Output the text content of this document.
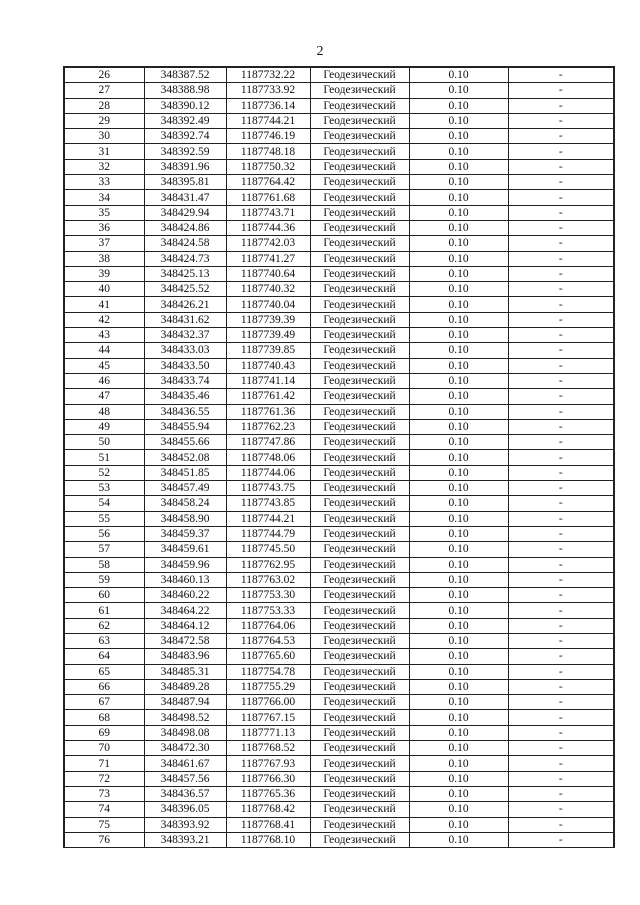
2
26	348387.52	1187732.22	Геодезический	0.10	-
27	348388.98	1187733.92	Геодезический	0.10	-
28	348390.12	1187736.14	Геодезический	0.10	-
29	348392.49	1187744.21	Геодезический	0.10	-
30	348392.74	1187746.19	Геодезический	0.10	-
31	348392.59	1187748.18	Геодезический	0.10	-
32	348391.96	1187750.32	Геодезический	0.10	-
33	348395.81	1187764.42	Геодезический	0.10	-
34	348431.47	1187761.68	Геодезический	0.10	-
35	348429.94	1187743.71	Геодезический	0.10	-
36	348424.86	1187744.36	Геодезический	0.10	-
37	348424.58	1187742.03	Геодезический	0.10	-
38	348424.73	1187741.27	Геодезический	0.10	-
39	348425.13	1187740.64	Геодезический	0.10	-
40	348425.52	1187740.32	Геодезический	0.10	-
41	348426.21	1187740.04	Геодезический	0.10	-
42	348431.62	1187739.39	Геодезический	0.10	-
43	348432.37	1187739.49	Геодезический	0.10	-
44	348433.03	1187739.85	Геодезический	0.10	-
45	348433.50	1187740.43	Геодезический	0.10	-
46	348433.74	1187741.14	Геодезический	0.10	-
47	348435.46	1187761.42	Геодезический	0.10	-
48	348436.55	1187761.36	Геодезический	0.10	-
49	348455.94	1187762.23	Геодезический	0.10	-
50	348455.66	1187747.86	Геодезический	0.10	-
51	348452.08	1187748.06	Геодезический	0.10	-
52	348451.85	1187744.06	Геодезический	0.10	-
53	348457.49	1187743.75	Геодезический	0.10	-
54	348458.24	1187743.85	Геодезический	0.10	-
55	348458.90	1187744.21	Геодезический	0.10	-
56	348459.37	1187744.79	Геодезический	0.10	-
57	348459.61	1187745.50	Геодезический	0.10	-
58	348459.96	1187762.95	Геодезический	0.10	-
59	348460.13	1187763.02	Геодезический	0.10	-
60	348460.22	1187753.30	Геодезический	0.10	-
61	348464.22	1187753.33	Геодезический	0.10	-
62	348464.12	1187764.06	Геодезический	0.10	-
63	348472.58	1187764.53	Геодезический	0.10	-
64	348483.96	1187765.60	Геодезический	0.10	-
65	348485.31	1187754.78	Геодезический	0.10	-
66	348489.28	1187755.29	Геодезический	0.10	-
67	348487.94	1187766.00	Геодезический	0.10	-
68	348498.52	1187767.15	Геодезический	0.10	-
69	348498.08	1187771.13	Геодезический	0.10	-
70	348472.30	1187768.52	Геодезический	0.10	-
71	348461.67	1187767.93	Геодезический	0.10	-
72	348457.56	1187766.30	Геодезический	0.10	-
73	348436.57	1187765.36	Геодезический	0.10	-
74	348396.05	1187768.42	Геодезический	0.10	-
75	348393.92	1187768.41	Геодезический	0.10	-
76	348393.21	1187768.10	Геодезический	0.10	-
